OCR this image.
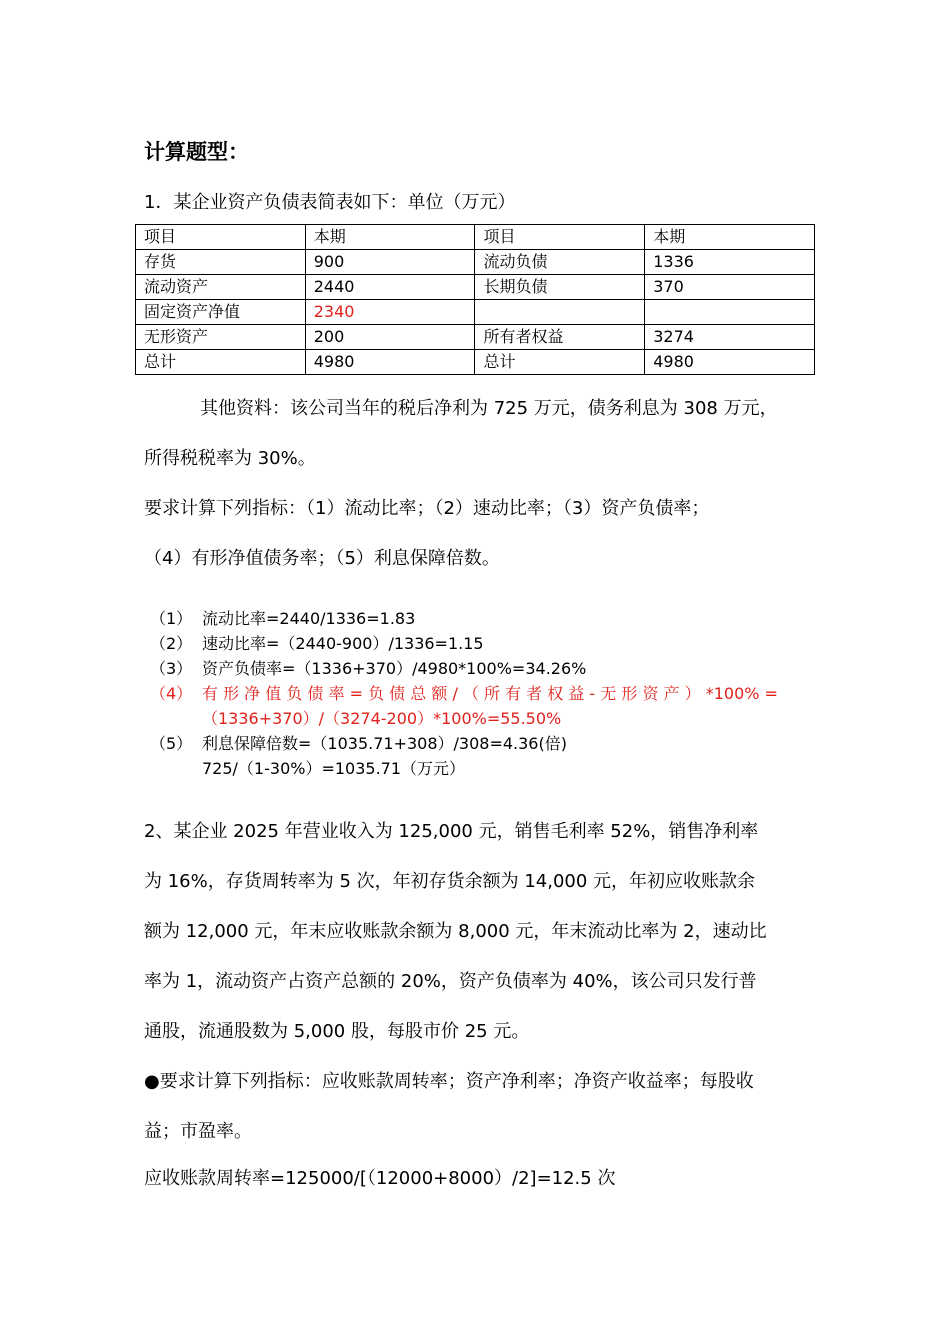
计算题型：
1．某企业资产负债表简表如下：单位（万元）
项目	本期	项目	本期
存货	900	流动负债	1336
流动资产	2440	长期负债	370
固定资产净值	2340		
无形资产	200	所有者权益	3274
总计	4980	总计	4980
其他资料：该公司当年的税后净利为 725 万元，债务利息为 308 万元，
所得税税率为 30%。
要求计算下列指标：（1）流动比率；（2）速动比率；（3）资产负债率；
（4）有形净值债务率；（5）利息保障倍数。
（1） 流动比率=2440/1336=1.83
（2） 速动比率=（2440-900）/1336=1.15
（3） 资产负债率=（1336+370）/4980*100%=34.26%
（4） 有 形 净 值 负 债 率 = 负 债 总 额 / （ 所 有 者 权 益 - 无 形 资 产 ） *100% =
（1336+370）/（3274-200）*100%=55.50%
（5） 利息保障倍数=（1035.71+308）/308=4.36(倍)
725/（1-30%）=1035.71（万元）
2、某企业 2025 年营业收入为 125,000 元，销售毛利率 52%，销售净利率
为 16%，存货周转率为 5 次，年初存货余额为 14,000 元，年初应收账款余
额为 12,000 元，年末应收账款余额为 8,000 元，年末流动比率为 2，速动比
率为 1，流动资产占资产总额的 20%，资产负债率为 40%，该公司只发行普
通股，流通股数为 5,000 股，每股市价 25 元。
●要求计算下列指标：应收账款周转率；资产净利率；净资产收益率；每股收
益；市盈率。
应收账款周转率=125000/[（12000+8000）/2]=12.5 次
